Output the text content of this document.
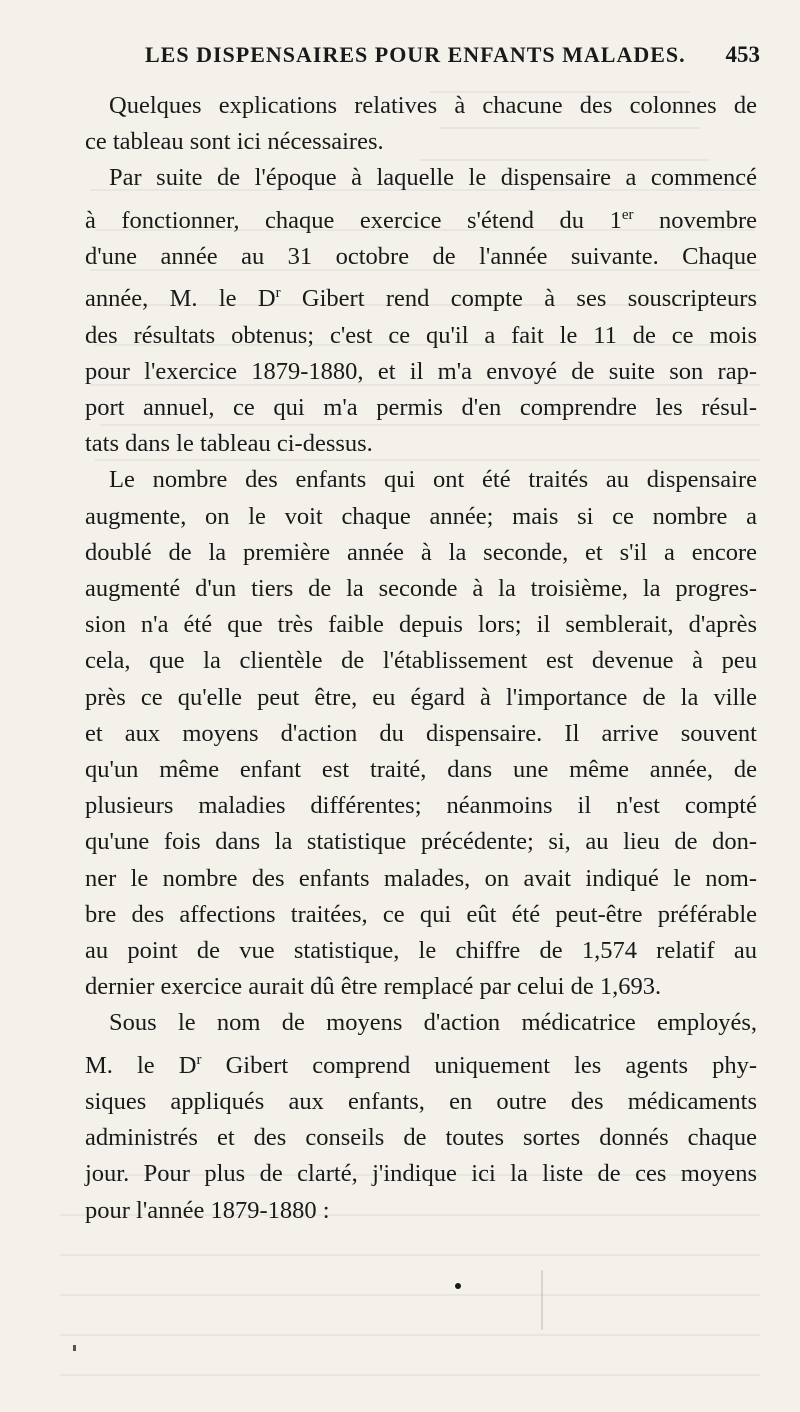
LES DISPENSAIRES POUR ENFANTS MALADES. 453
Quelques explications relatives à chacune des colonnes de
ce tableau sont ici nécessaires.
Par suite de l'époque à laquelle le dispensaire a commencé
à fonctionner, chaque exercice s'étend du 1er novembre
d'une année au 31 octobre de l'année suivante. Chaque
année, M. le $D^r$ Gibert rend compte à ses souscripteurs
des résultats obtenus; c'est ce qu'il a fait le 11 de ce mois
pour l'exercice 1879-1880, et il m'a envoyé de suite son rap-
port annuel, ce qui m'a permis d'en comprendre les résul-
tats dans le tableau ci-dessus.
Le nombre des enfants qui ont été traités au dispensaire
augmente, on le voit chaque année; mais si ce nombre a
doublé de la première année à la seconde, et s'il a encore
augmenté d'un tiers de la seconde à la troisième, la progres-
sion n'a été que très faible depuis lors; il semblerait, d'après
cela, que la clientèle de l'établissement est devenue à peu
près ce qu'elle peut être, eu égard à l'importance de la ville
et aux moyens d'action du dispensaire. Il arrive souvent
qu'un même enfant est traité, dans une même année, de
plusieurs maladies différentes; néanmoins il n'est compté
qu'une fois dans la statistique précédente; si, au lieu de don-
ner le nombre des enfants malades, on avait indiqué le nom-
bre des affections traitées, ce qui eût été peut-être préférable
au point de vue statistique, le chiffre de 1,574 relatif au
dernier exercice aurait dû être remplacé par celui de 1,693.
Sous le nom de moyens d'action médicatrice employés,
M. le $D^r$ Gibert comprend uniquement les agents phy-
siques appliqués aux enfants, en outre des médicaments
administrés et des conseils de toutes sortes donnés chaque
jour. Pour plus de clarté, j'indique ici la liste de ces moyens
pour l'année 1879-1880 :
